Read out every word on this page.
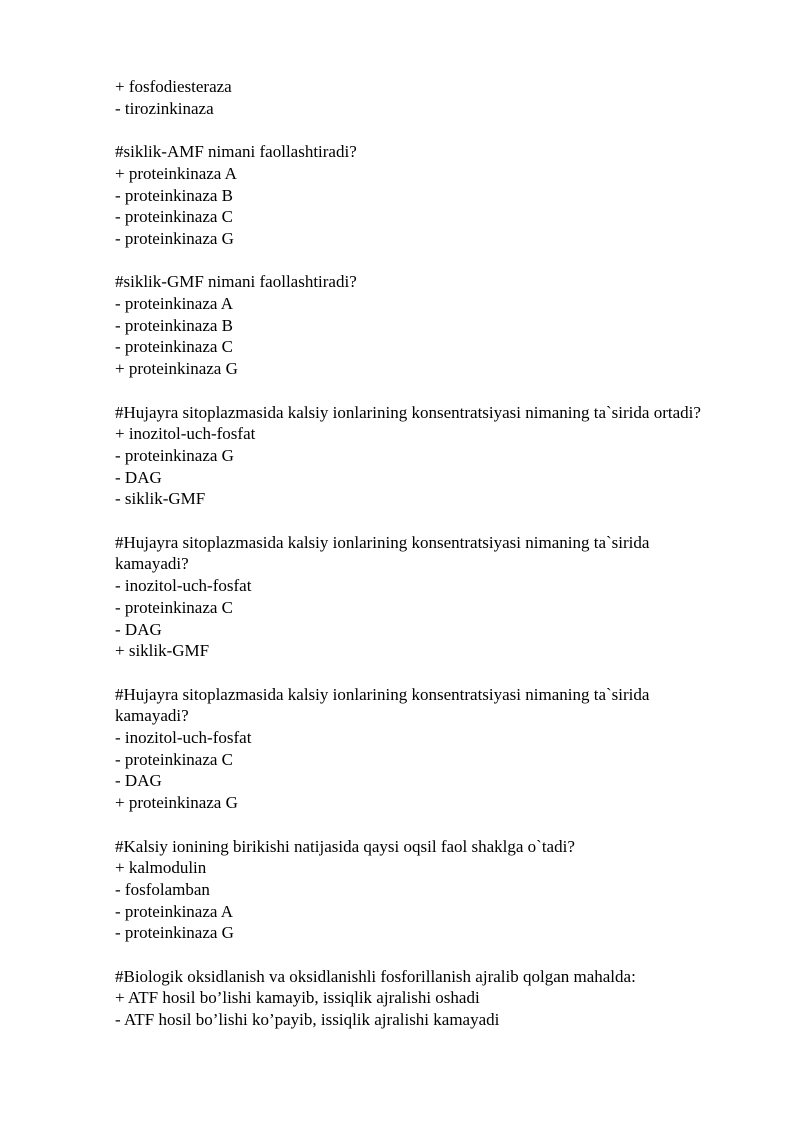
+ fosfodiesteraza
- tirozinkinaza
#siklik-AMF nimani faollashtiradi?
+ proteinkinaza A
- proteinkinaza B
- proteinkinaza C
- proteinkinaza G
#siklik-GMF nimani faollashtiradi?
- proteinkinaza A
- proteinkinaza B
- proteinkinaza C
+ proteinkinaza G
#Hujayra sitoplazmasida kalsiy ionlarining konsentratsiyasi nimaning ta`sirida ortadi?
+ inozitol-uch-fosfat
- proteinkinaza G
- DAG
- siklik-GMF
#Hujayra sitoplazmasida kalsiy ionlarining konsentratsiyasi nimaning ta`sirida kamayadi?
- inozitol-uch-fosfat
- proteinkinaza C
- DAG
+ siklik-GMF
#Hujayra sitoplazmasida kalsiy ionlarining konsentratsiyasi nimaning ta`sirida kamayadi?
- inozitol-uch-fosfat
- proteinkinaza C
- DAG
+ proteinkinaza G
#Kalsiy ionining birikishi natijasida qaysi oqsil faol shaklga o`tadi?
+ kalmodulin
- fosfolamban
- proteinkinaza A
- proteinkinaza G
#Biologik oksidlanish va oksidlanishli fosforillanish ajralib qolgan mahalda:
+ ATF hosil bo’lishi kamayib, issiqlik ajralishi oshadi
- ATF hosil bo’lishi ko’payib, issiqlik ajralishi kamayadi
